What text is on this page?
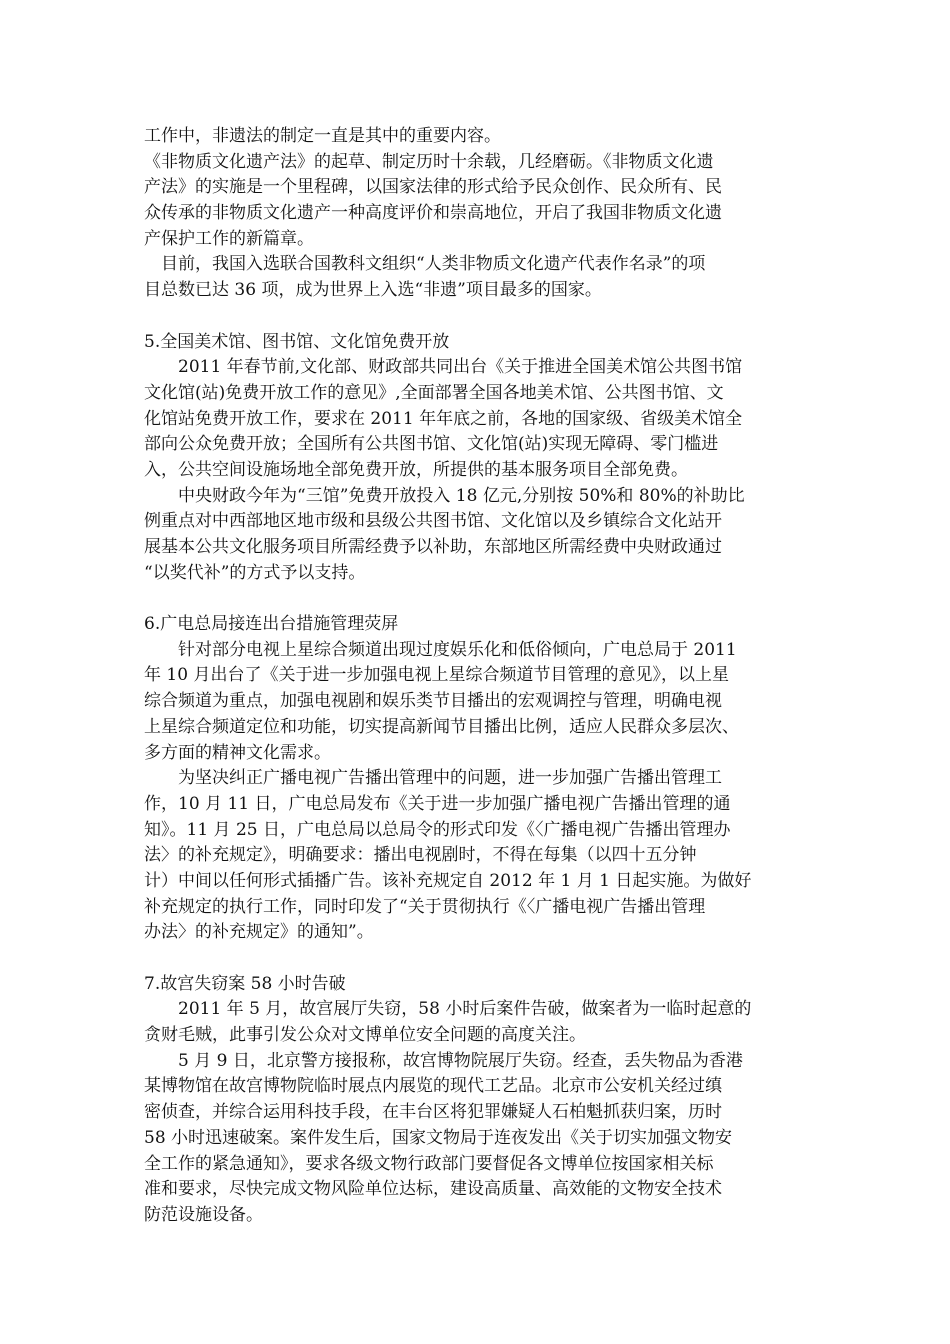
工作中，非遗法的制定一直是其中的重要内容。
《非物质文化遗产法》的起草、制定历时十余载，几经磨砺。《非物质文化遗
产法》的实施是一个里程碑，以国家法律的形式给予民众创作、民众所有、民
众传承的非物质文化遗产一种高度评价和崇高地位，开启了我国非物质文化遗
产保护工作的新篇章。
　目前，我国入选联合国教科文组织“人类非物质文化遗产代表作名录”的项
目总数已达 36 项，成为世界上入选“非遗”项目最多的国家。
5.全国美术馆、图书馆、文化馆免费开放
　　2011 年春节前,文化部、财政部共同出台《关于推进全国美术馆公共图书馆
文化馆(站)免费开放工作的意见》,全面部署全国各地美术馆、公共图书馆、文
化馆站免费开放工作，要求在 2011 年年底之前，各地的国家级、省级美术馆全
部向公众免费开放；全国所有公共图书馆、文化馆(站)实现无障碍、零门槛进
入，公共空间设施场地全部免费开放，所提供的基本服务项目全部免费。
　　中央财政今年为“三馆”免费开放投入 18 亿元,分别按 50%和 80%的补助比
例重点对中西部地区地市级和县级公共图书馆、文化馆以及乡镇综合文化站开
展基本公共文化服务项目所需经费予以补助，东部地区所需经费中央财政通过
“以奖代补”的方式予以支持。
6.广电总局接连出台措施管理荧屏
　　针对部分电视上星综合频道出现过度娱乐化和低俗倾向，广电总局于 2011
年 10 月出台了《关于进一步加强电视上星综合频道节目管理的意见》，以上星
综合频道为重点，加强电视剧和娱乐类节目播出的宏观调控与管理，明确电视
上星综合频道定位和功能，切实提高新闻节目播出比例，适应人民群众多层次、
多方面的精神文化需求。
　　为坚决纠正广播电视广告播出管理中的问题，进一步加强广告播出管理工
作，10 月 11 日，广电总局发布《关于进一步加强广播电视广告播出管理的通
知》。11 月 25 日，广电总局以总局令的形式印发《〈广播电视广告播出管理办
法〉的补充规定》，明确要求：播出电视剧时，不得在每集（以四十五分钟
计）中间以任何形式插播广告。该补充规定自 2012 年 1 月 1 日起实施。为做好
补充规定的执行工作，同时印发了“关于贯彻执行《〈广播电视广告播出管理
办法〉的补充规定》的通知”。
7.故宫失窃案 58 小时告破
　　2011 年 5 月，故宫展厅失窃，58 小时后案件告破，做案者为一临时起意的
贪财毛贼，此事引发公众对文博单位安全问题的高度关注。
　　5 月 9 日，北京警方接报称，故宫博物院展厅失窃。经查，丢失物品为香港
某博物馆在故宫博物院临时展点内展览的现代工艺品。北京市公安机关经过缜
密侦查，并综合运用科技手段，在丰台区将犯罪嫌疑人石柏魁抓获归案，历时
58 小时迅速破案。案件发生后，国家文物局于连夜发出《关于切实加强文物安
全工作的紧急通知》，要求各级文物行政部门要督促各文博单位按国家相关标
准和要求，尽快完成文物风险单位达标，建设高质量、高效能的文物安全技术
防范设施设备。
